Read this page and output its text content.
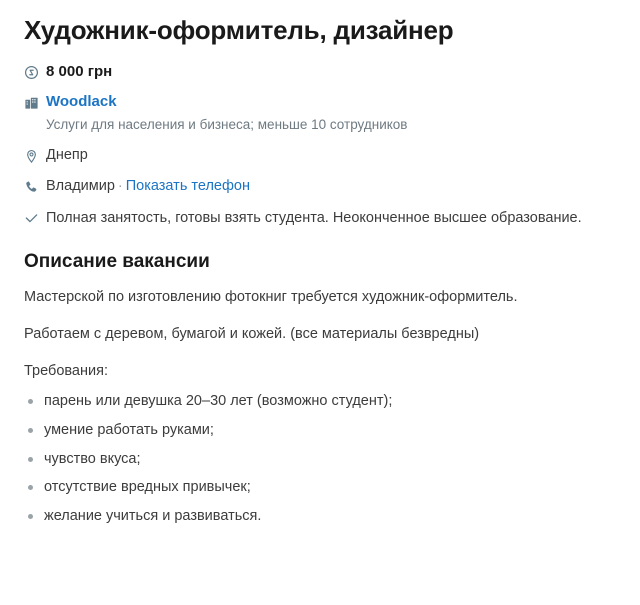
Художник-оформитель, дизайнер
8 000 грн
Woodlack
Услуги для населения и бизнеса; меньше 10 сотрудников
Днепр
Владимир · Показать телефон
Полная занятость, готовы взять студента. Неоконченное высшее образование.
Описание вакансии

Мастерской по изготовлению фотокниг требуется художник-оформитель.

Работаем с деревом, бумагой и кожей. (все материалы безвредны)

Требования:

парень или девушка 20–30 лет (возможно студент);
умение работать руками;
чувство вкуса;
отсутствие вредных привычек;
желание учиться и развиваться.
